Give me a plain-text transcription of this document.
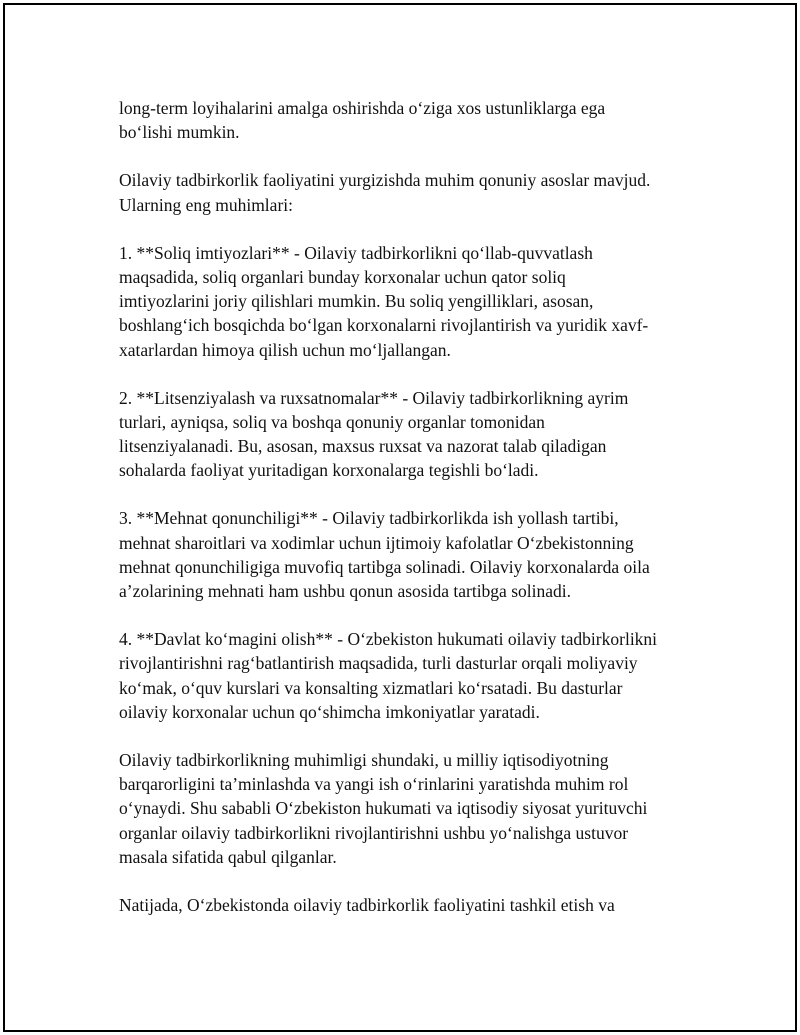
long-term loyihalarini amalga oshirishda o‘ziga xos ustunliklarga ega
bo‘lishi mumkin.
Oilaviy tadbirkorlik faoliyatini yurgizishda muhim qonuniy asoslar mavjud.
Ularning eng muhimlari:
1. **Soliq imtiyozlari** - Oilaviy tadbirkorlikni qo‘llab-quvvatlash
maqsadida, soliq organlari bunday korxonalar uchun qator soliq
imtiyozlarini joriy qilishlari mumkin. Bu soliq yengilliklari, asosan,
boshlang‘ich bosqichda bo‘lgan korxonalarni rivojlantirish va yuridik xavf-
xatarlardan himoya qilish uchun mo‘ljallangan.
2. **Litsenziyalash va ruxsatnomalar** - Oilaviy tadbirkorlikning ayrim
turlari, ayniqsa, soliq va boshqa qonuniy organlar tomonidan
litsenziyalanadi. Bu, asosan, maxsus ruxsat va nazorat talab qiladigan
sohalarda faoliyat yuritadigan korxonalarga tegishli bo‘ladi.
3. **Mehnat qonunchiligi** - Oilaviy tadbirkorlikda ish yollash tartibi,
mehnat sharoitlari va xodimlar uchun ijtimoiy kafolatlar O‘zbekistonning
mehnat qonunchiligiga muvofiq tartibga solinadi. Oilaviy korxonalarda oila
a’zolarining mehnati ham ushbu qonun asosida tartibga solinadi.
4. **Davlat ko‘magini olish** - O‘zbekiston hukumati oilaviy tadbirkorlikni
rivojlantirishni rag‘batlantirish maqsadida, turli dasturlar orqali moliyaviy
ko‘mak, o‘quv kurslari va konsalting xizmatlari ko‘rsatadi. Bu dasturlar
oilaviy korxonalar uchun qo‘shimcha imkoniyatlar yaratadi.
Oilaviy tadbirkorlikning muhimligi shundaki, u milliy iqtisodiyotning
barqarorligini ta’minlashda va yangi ish o‘rinlarini yaratishda muhim rol
o‘ynaydi. Shu sababli O‘zbekiston hukumati va iqtisodiy siyosat yurituvchi
organlar oilaviy tadbirkorlikni rivojlantirishni ushbu yo‘nalishga ustuvor
masala sifatida qabul qilganlar.
Natijada, O‘zbekistonda oilaviy tadbirkorlik faoliyatini tashkil etish va
